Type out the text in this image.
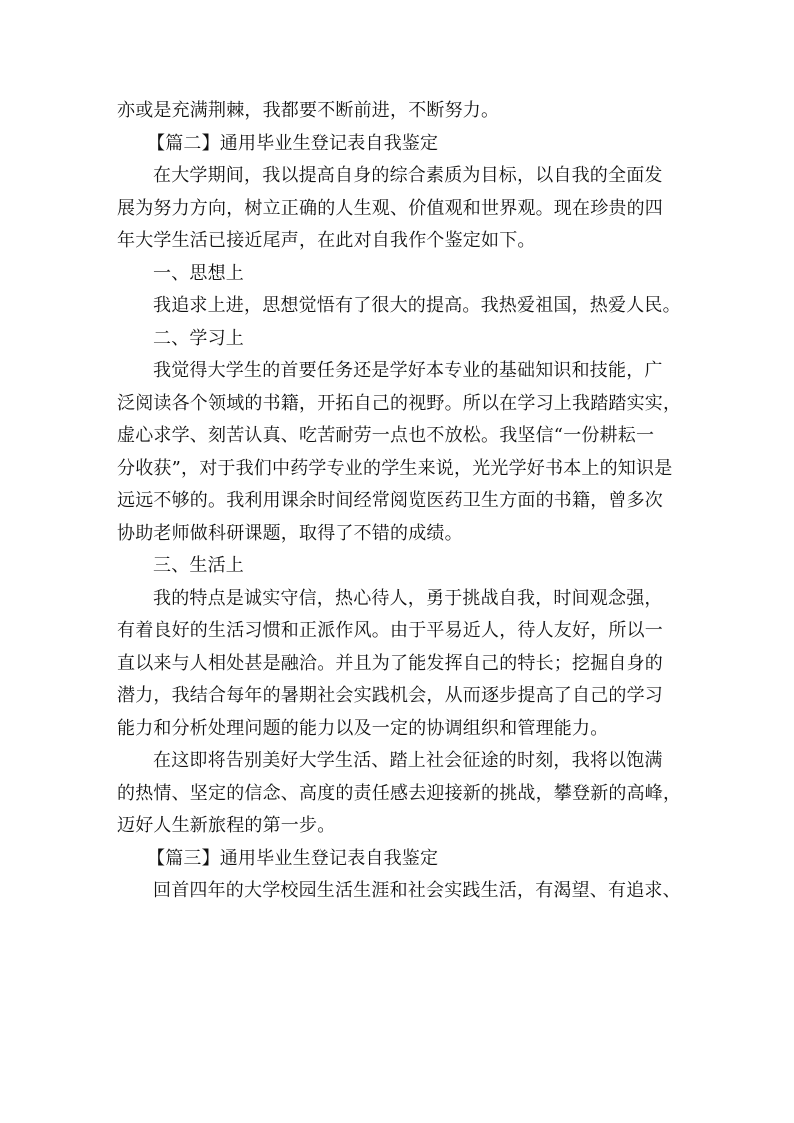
亦或是充满荆棘，我都要不断前进，不断努力。
【篇二】通用毕业生登记表自我鉴定
在大学期间，我以提高自身的综合素质为目标，以自我的全面发
展为努力方向，树立正确的人生观、价值观和世界观。现在珍贵的四
年大学生活已接近尾声，在此对自我作个鉴定如下。
一、思想上
我追求上进，思想觉悟有了很大的提高。我热爱祖国，热爱人民。
二、学习上
我觉得大学生的首要任务还是学好本专业的基础知识和技能，广
泛阅读各个领域的书籍，开拓自己的视野。所以在学习上我踏踏实实，
虚心求学、刻苦认真、吃苦耐劳一点也不放松。我坚信“一份耕耘一
分收获”，对于我们中药学专业的学生来说，光光学好书本上的知识是
远远不够的。我利用课余时间经常阅览医药卫生方面的书籍，曾多次
协助老师做科研课题，取得了不错的成绩。
三、生活上
我的特点是诚实守信，热心待人，勇于挑战自我，时间观念强，
有着良好的生活习惯和正派作风。由于平易近人，待人友好，所以一
直以来与人相处甚是融洽。并且为了能发挥自己的特长；挖掘自身的
潜力，我结合每年的暑期社会实践机会，从而逐步提高了自己的学习
能力和分析处理问题的能力以及一定的协调组织和管理能力。
在这即将告别美好大学生活、踏上社会征途的时刻，我将以饱满
的热情、坚定的信念、高度的责任感去迎接新的挑战，攀登新的高峰，
迈好人生新旅程的第一步。
【篇三】通用毕业生登记表自我鉴定
回首四年的大学校园生活生涯和社会实践生活，有渴望、有追求、
